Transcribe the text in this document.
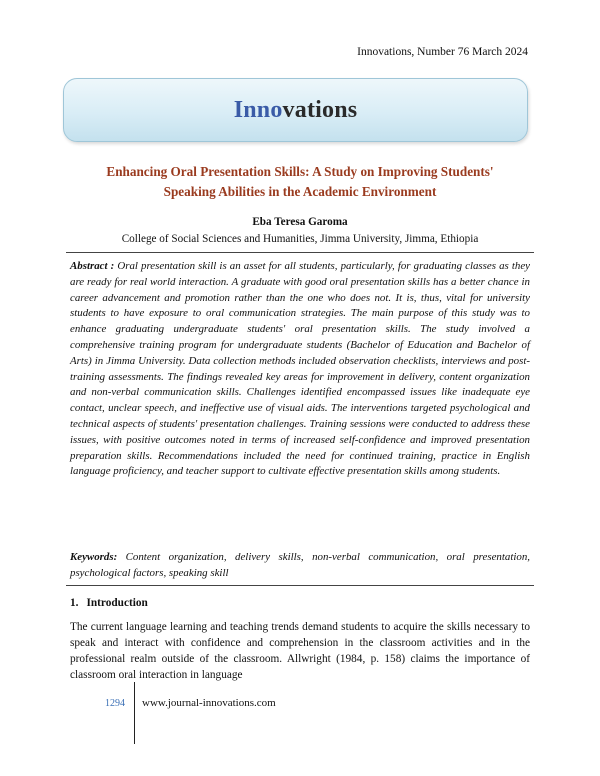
Innovations, Number 76 March 2024
Innovations
Enhancing Oral Presentation Skills: A Study on Improving Students'
Speaking Abilities in the Academic Environment
Eba Teresa Garoma
College of Social Sciences and Humanities, Jimma University, Jimma, Ethiopia

Abstract : Oral presentation skill is an asset for all students, particularly, for graduating classes as they are ready for real world interaction. A graduate with good oral presentation skills has a better chance in career advancement and promotion rather than the one who does not. It is, thus, vital for university students to have exposure to oral communication strategies. The main purpose of this study was to enhance graduating undergraduate students' oral presentation skills. The study involved a comprehensive training program for undergraduate students (Bachelor of Education and Bachelor of Arts) in Jimma University. Data collection methods included observation checklists, interviews and post-training assessments. The findings revealed key areas for improvement in delivery, content organization and non-verbal communication skills. Challenges identified encompassed issues like inadequate eye contact, unclear speech, and ineffective use of visual aids. The interventions targeted psychological and technical aspects of students' presentation challenges. Training sessions were conducted to address these issues, with positive outcomes noted in terms of increased self-confidence and improved presentation preparation skills. Recommendations included the need for continued training, practice in English language proficiency, and teacher support to cultivate effective presentation skills among students.

Keywords: Content organization, delivery skills, non-verbal communication, oral presentation, psychological factors, speaking skill

1. Introduction

The current language learning and teaching trends demand students to acquire the skills necessary to speak and interact with confidence and comprehension in the classroom activities and in the professional realm outside of the classroom. Allwright (1984, p. 158) claims the importance of classroom oral interaction in language

1294 www.journal-innovations.com
